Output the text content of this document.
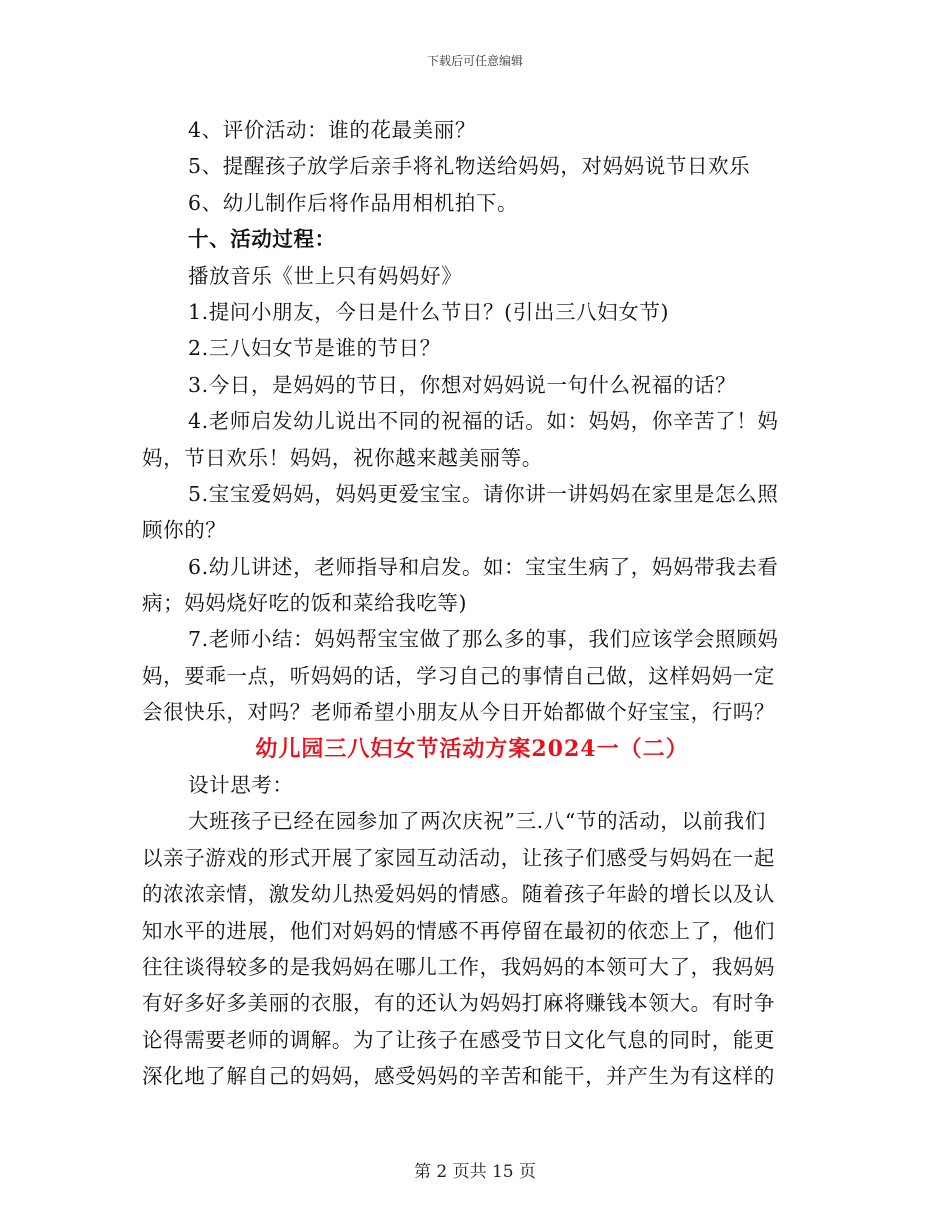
下载后可任意编辑
4、评价活动：谁的花最美丽？
5、提醒孩子放学后亲手将礼物送给妈妈，对妈妈说节日欢乐
6、幼儿制作后将作品用相机拍下。
十、活动过程：
播放音乐《世上只有妈妈好》
1.提问小朋友，今日是什么节日？(引出三八妇女节)
2.三八妇女节是谁的节日？
3.今日，是妈妈的节日，你想对妈妈说一句什么祝福的话？
4.老师启发幼儿说出不同的祝福的话。如：妈妈，你辛苦了！妈
妈，节日欢乐！妈妈，祝你越来越美丽等。
5.宝宝爱妈妈，妈妈更爱宝宝。请你讲一讲妈妈在家里是怎么照
顾你的？
6.幼儿讲述，老师指导和启发。如：宝宝生病了，妈妈带我去看
病；妈妈烧好吃的饭和菜给我吃等)
7.老师小结：妈妈帮宝宝做了那么多的事，我们应该学会照顾妈
妈，要乖一点，听妈妈的话，学习自己的事情自己做，这样妈妈一定
会很快乐，对吗？老师希望小朋友从今日开始都做个好宝宝，行吗？
幼儿园三八妇女节活动方案2024一（二）
设计思考：
大班孩子已经在园参加了两次庆祝”三.八“节的活动，以前我们
以亲子游戏的形式开展了家园互动活动，让孩子们感受与妈妈在一起
的浓浓亲情，激发幼儿热爱妈妈的情感。随着孩子年龄的增长以及认
知水平的进展，他们对妈妈的情感不再停留在最初的依恋上了，他们
往往谈得较多的是我妈妈在哪儿工作，我妈妈的本领可大了，我妈妈
有好多好多美丽的衣服，有的还认为妈妈打麻将赚钱本领大。有时争
论得需要老师的调解。为了让孩子在感受节日文化气息的同时，能更
深化地了解自己的妈妈，感受妈妈的辛苦和能干，并产生为有这样的
第 2 页共 15 页
